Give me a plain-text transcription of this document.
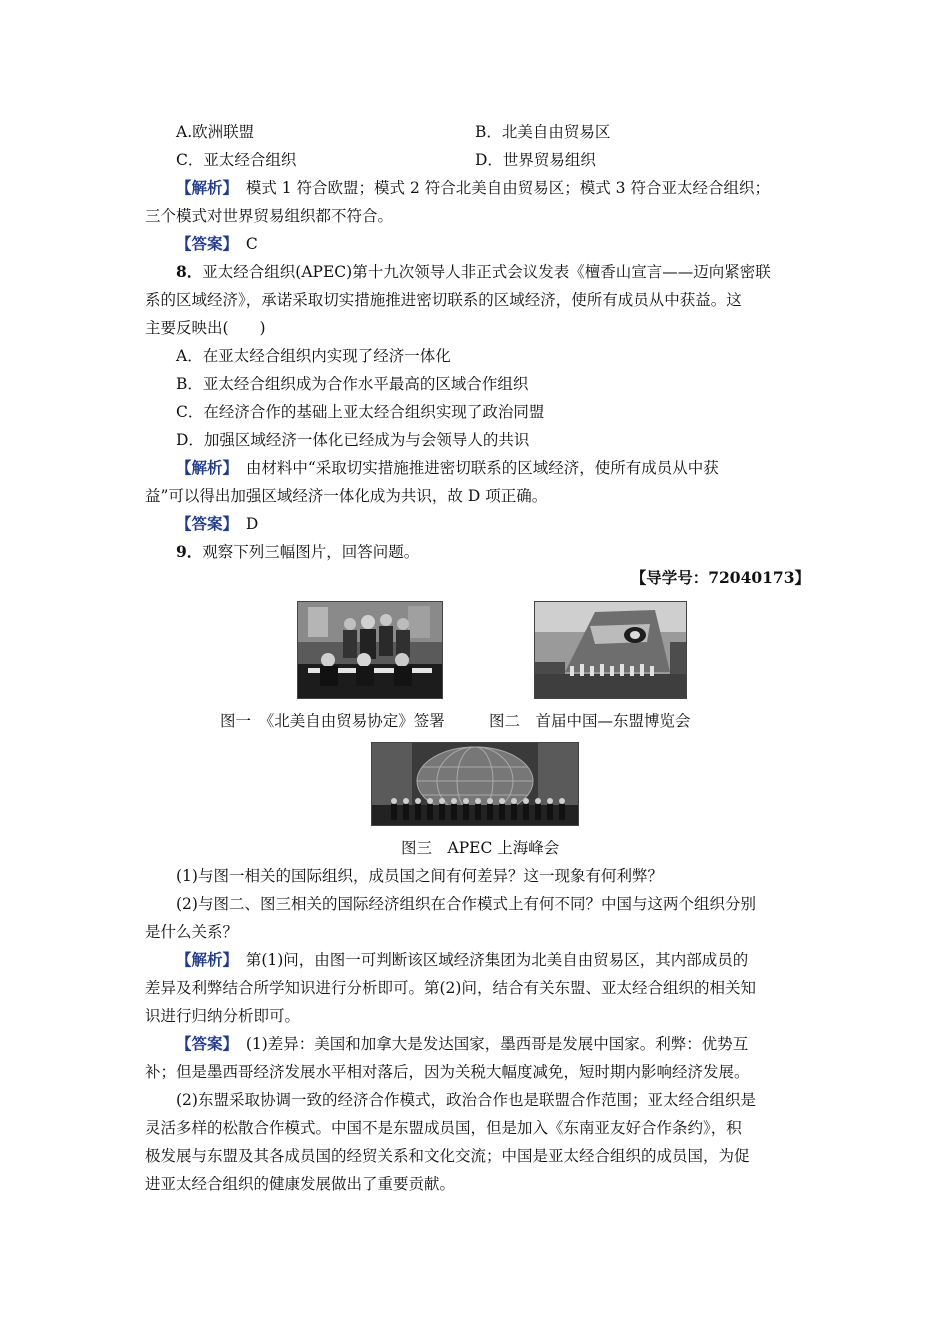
A.欧洲联盟	B．北美自由贸易区
C．亚太经合组织	D．世界贸易组织
【 解析 】　 模式 1 符合欧盟；模式 2 符合北美自由贸易区；模式 3 符合亚太经合组织；
三个模式对世界贸易组织都不符合。
【 答案 】　 C
8．亚太经合组织(APEC)第十九次领导人非正式会议发表《檀香山宣言——迈向紧密联
系的区域经济》，承诺采取切实措施推进密切联系的区域经济，使所有成员从中获益。这
主要反映出(　　)
A．在亚太经合组织内实现了经济一体化
B．亚太经合组织成为合作水平最高的区域合作组织
C．在经济合作的基础上亚太经合组织实现了政治同盟
D．加强区域经济一体化已经成为与会领导人的共识
【 解析 】　 由材料中“采取切实措施推进密切联系的区域经济，使所有成员从中获
益”可以得出加强区域经济一体化成为共识，故 D 项正确。
【 答案 】　 D
9．观察下列三幅图片，回答问题。
【导学号：72040173】
图一　《北美自由贸易协定》签署	图二　首届中国—东盟博览会
图三　APEC 上海峰会
(1)与图一相关的国际组织，成员国之间有何差异？这一现象有何利弊？
(2)与图二、图三相关的国际经济组织在合作模式上有何不同？中国与这两个组织分别
是什么关系？
【 解析 】　 第(1)问，由图一可判断该区域经济集团为北美自由贸易区，其内部成员的
差异及利弊结合所学知识进行分析即可。第(2)问，结合有关东盟、亚太经合组织的相关知
识进行归纳分析即可。
【 答案 】　 (1)差异：美国和加拿大是发达国家，墨西哥是发展中国家。利弊：优势互
补；但是墨西哥经济发展水平相对落后，因为关税大幅度减免，短时期内影响经济发展。
(2)东盟采取协调一致的经济合作模式，政治合作也是联盟合作范围；亚太经合组织是
灵活多样的松散合作模式。中国不是东盟成员国，但是加入《东南亚友好合作条约》，积
极发展与东盟及其各成员国的经贸关系和文化交流；中国是亚太经合组织的成员国，为促
进亚太经合组织的健康发展做出了重要贡献。
